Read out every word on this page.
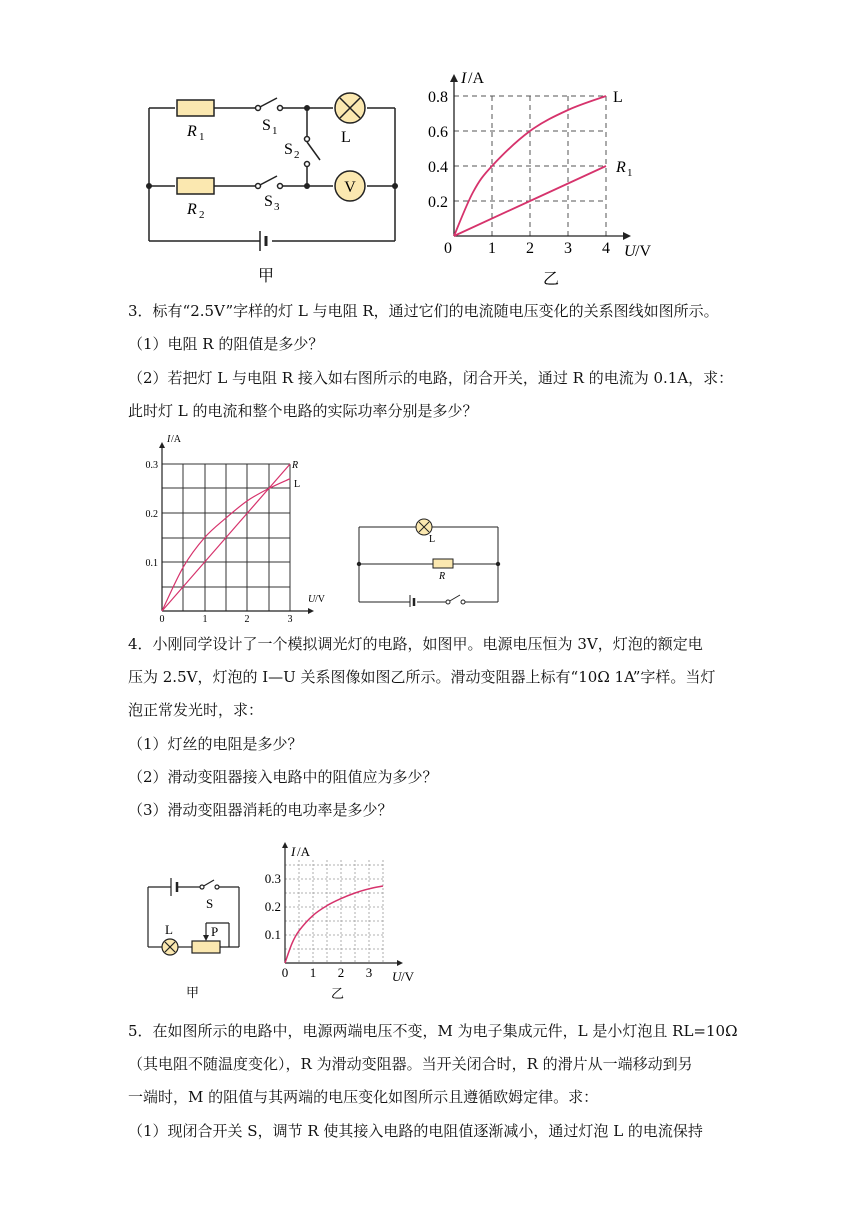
R 1
R 2
S 1
S 2
S 3
L
V
甲
I /A
U /V
0 1 2 3 4
0.2
0.4
0.6
0.8	L
R 1
乙
3．标有“2.5V”字样的灯 L 与电阻 R，通过它们的电流随电压变化的关系图线如图所示。
（1）电阻 R 的阻值是多少？
（2）若把灯 L 与电阻 R 接入如右图所示的电路，闭合开关，通过 R 的电流为 0.1A，求：
此时灯 L 的电流和整个电路的实际功率分别是多少？
I /A
U /V
0	1	2	3
0.1
0.2
0.3	R
L
L
R
4．小刚同学设计了一个模拟调光灯的电路，如图甲。电源电压恒为 3V，灯泡的额定电
压为 2.5V，灯泡的 I—U 关系图像如图乙所示。滑动变阻器上标有“10Ω 1A”字样。当灯
泡正常发光时，求：
（1）灯丝的电阻是多少？
（2）滑动变阻器接入电路中的阻值应为多少？
（3）滑动变阻器消耗的电功率是多少？
S
L	P
甲
I /A
U /V
0 1 2 3
0.1
0.2
0.3
乙
5．在如图所示的电路中，电源两端电压不变，M 为电子集成元件，L 是小灯泡且 RL=10Ω
（其电阻不随温度变化），R 为滑动变阻器。当开关闭合时，R 的滑片从一端移动到另
一端时，M 的阻值与其两端的电压变化如图所示且遵循欧姆定律。求：
（1）现闭合开关 S，调节 R 使其接入电路的电阻值逐渐减小，通过灯泡 L 的电流保持
